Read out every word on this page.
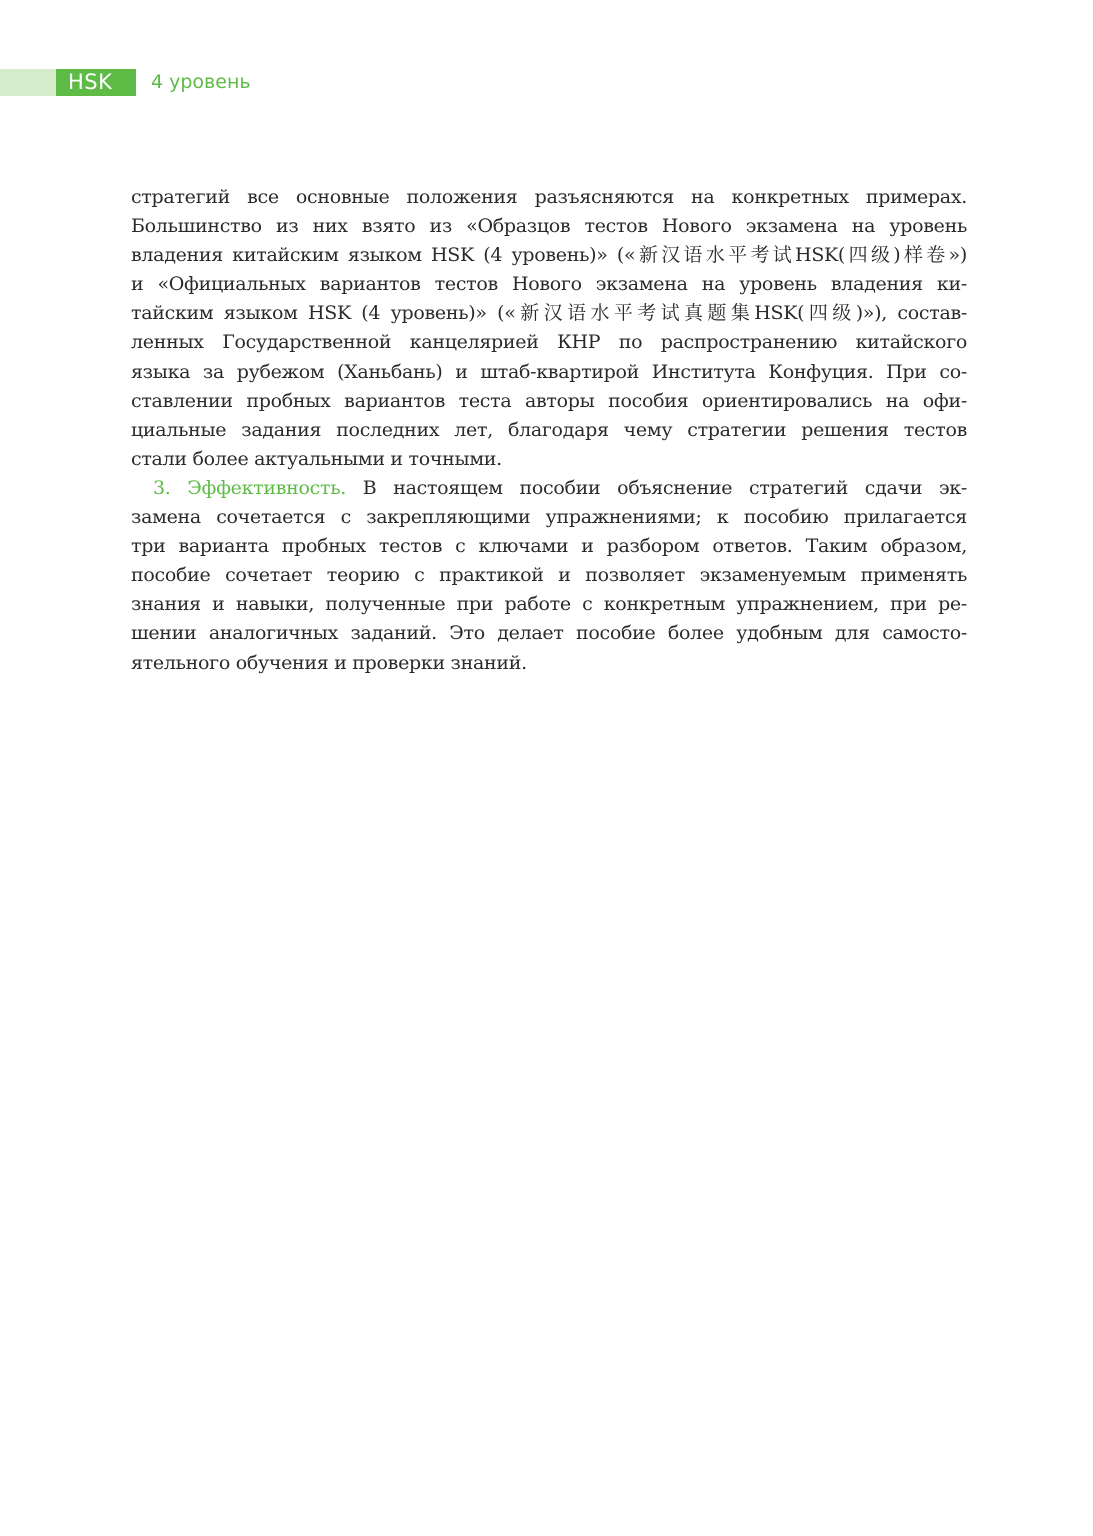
HSK	4 уровень
стратегий все основные положения разъясняются на конкретных примерах.
Большинство из них взято из «Образцов тестов Нового экзамена на уровень
владения китайским языком HSK (4 уровень)» («新汉语水平考试HSK(四级)样卷»)
и «Официальных вариантов тестов Нового экзамена на уровень владения ки-
тайским языком HSK (4 уровень)» («新汉语水平考试真题集HSK(四级)»), состав-
ленных Государственной канцелярией КНР по распространению китайского
языка за рубежом (Ханьбань) и штаб-квартирой Института Конфуция. При со-
ставлении пробных вариантов теста авторы пособия ориентировались на офи-
циальные задания последних лет, благодаря чему стратегии решения тестов
стали более актуальными и точными.
3. Эффективность. В настоящем пособии объяснение стратегий сдачи эк-
замена сочетается с закрепляющими упражнениями; к пособию прилагается
три варианта пробных тестов с ключами и разбором ответов. Таким образом,
пособие сочетает теорию с практикой и позволяет экзаменуемым применять
знания и навыки, полученные при работе с конкретным упражнением, при ре-
шении аналогичных заданий. Это делает пособие более удобным для самосто-
ятельного обучения и проверки знаний.
